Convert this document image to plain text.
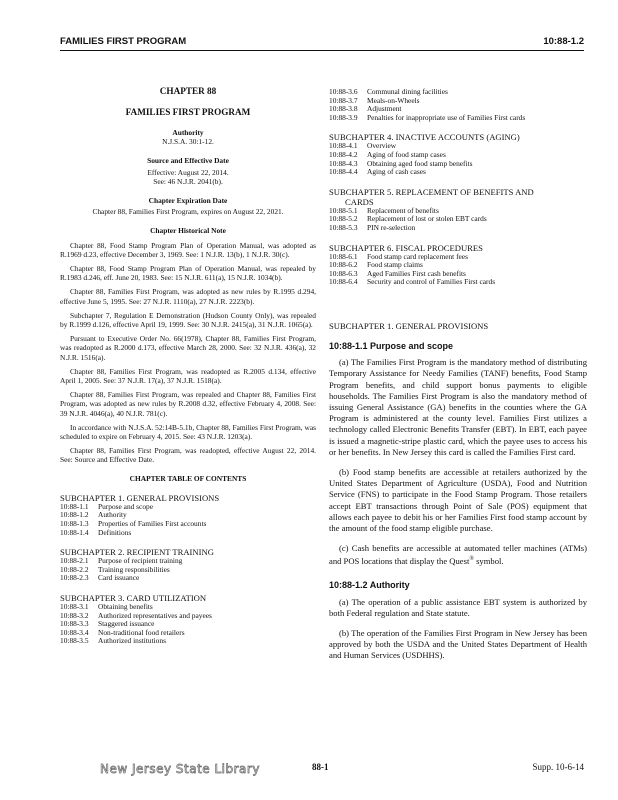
FAMILIES FIRST PROGRAM	10:88-1.2
CHAPTER 88
FAMILIES FIRST PROGRAM
Authority
N.J.S.A. 30:1-12.
Source and Effective Date
Effective: August 22, 2014.
See: 46 N.J.R. 2041(b).
Chapter Expiration Date
Chapter 88, Families First Program, expires on August 22, 2021.
Chapter Historical Note

Chapter 88, Food Stamp Program Plan of Operation Manual, was adopted as R.1969 d.23, effective December 3, 1969. See: 1 N.J.R. 13(b), 1 N.J.R. 30(c).

Chapter 88, Food Stamp Program Plan of Operation Manual, was repealed by R.1983 d.246, eff. June 20, 1983. See: 15 N.J.R. 611(a), 15 N.J.R. 1034(b).

Chapter 88, Families First Program, was adopted as new rules by R.1995 d.294, effective June 5, 1995. See: 27 N.J.R. 1110(a), 27 N.J.R. 2223(b).

Subchapter 7, Regulation E Demonstration (Hudson County Only), was repealed by R.1999 d.126, effective April 19, 1999. See: 30 N.J.R. 2415(a), 31 N.J.R. 1065(a).

Pursuant to Executive Order No. 66(1978), Chapter 88, Families First Program, was readopted as R.2000 d.173, effective March 28, 2000. See: 32 N.J.R. 436(a), 32 N.J.R. 1516(a).

Chapter 88, Families First Program, was readopted as R.2005 d.134, effective April 1, 2005. See: 37 N.J.R. 17(a), 37 N.J.R. 1518(a).

Chapter 88, Families First Program, was repealed and Chapter 88, Families First Program, was adopted as new rules by R.2008 d.32, effective February 4, 2008. See: 39 N.J.R. 4046(a), 40 N.J.R. 781(c).

In accordance with N.J.S.A. 52:14B-5.1b, Chapter 88, Families First Program, was scheduled to expire on February 4, 2015. See: 43 N.J.R. 1203(a).

Chapter 88, Families First Program, was readopted, effective August 22, 2014. See: Source and Effective Date.

CHAPTER TABLE OF CONTENTS
SUBCHAPTER 1. GENERAL PROVISIONS
10:88-1.1 Purpose and scope
10:88-1.2 Authority
10:88-1.3 Properties of Families First accounts
10:88-1.4 Definitions
SUBCHAPTER 2. RECIPIENT TRAINING
10:88-2.1 Purpose of recipient training
10:88-2.2 Training responsibilities
10:88-2.3 Card issuance
SUBCHAPTER 3. CARD UTILIZATION
10:88-3.1 Obtaining benefits
10:88-3.2 Authorized representatives and payees
10:88-3.3 Staggered issuance
10:88-3.4 Non-traditional food retailers
10:88-3.5 Authorized institutions
10:88-3.6 Communal dining facilities
10:88-3.7 Meals-on-Wheels
10:88-3.8 Adjustment
10:88-3.9 Penalties for inappropriate use of Families First cards
SUBCHAPTER 4. INACTIVE ACCOUNTS (AGING)
10:88-4.1 Overview
10:88-4.2 Aging of food stamp cases
10:88-4.3 Obtaining aged food stamp benefits
10:88-4.4 Aging of cash cases
SUBCHAPTER 5. REPLACEMENT OF BENEFITS AND
CARDS
10:88-5.1 Replacement of benefits
10:88-5.2 Replacement of lost or stolen EBT cards
10:88-5.3 PIN re-selection
SUBCHAPTER 6. FISCAL PROCEDURES
10:88-6.1 Food stamp card replacement fees
10:88-6.2 Food stamp claims
10:88-6.3 Aged Families First cash benefits
10:88-6.4 Security and control of Families First cards
SUBCHAPTER 1. GENERAL PROVISIONS
10:88-1.1 Purpose and scope

(a) The Families First Program is the mandatory method of distributing Temporary Assistance for Needy Families (TANF) benefits, Food Stamp Program benefits, and child support bonus payments to eligible households. The Families First Program is also the mandatory method of issuing General Assistance (GA) benefits in the counties where the GA Program is administered at the county level. Families First utilizes a technology called Electronic Benefits Transfer (EBT). In EBT, each payee is issued a magnetic-stripe plastic card, which the payee uses to access his or her benefits. In New Jersey this card is called the Families First card.

(b) Food stamp benefits are accessible at retailers authorized by the United States Department of Agriculture (USDA), Food and Nutrition Service (FNS) to participate in the Food Stamp Program. Those retailers accept EBT transactions through Point of Sale (POS) equipment that allows each payee to debit his or her Families First food stamp account by the amount of the food stamp eligible purchase.

(c) Cash benefits are accessible at automated teller machines (ATMs) and POS locations that display the Quest® symbol.

10:88-1.2 Authority

(a) The operation of a public assistance EBT system is authorized by both Federal regulation and State statute.

(b) The operation of the Families First Program in New Jersey has been approved by both the USDA and the United States Department of Health and Human Services (USDHHS).

New Jersey State Library	88-1	Supp. 10-6-14
